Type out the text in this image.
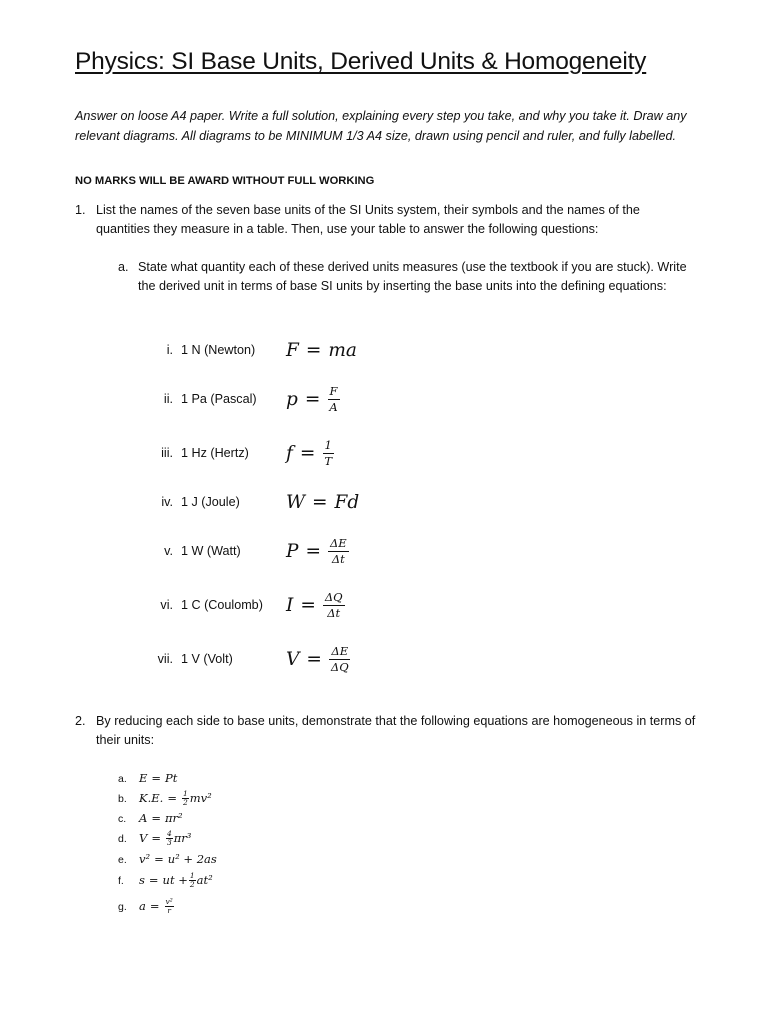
Physics: SI Base Units, Derived Units & Homogeneity
Answer on loose A4 paper. Write a full solution, explaining every step you take, and why you take it. Draw any relevant diagrams. All diagrams to be MINIMUM 1/3 A4 size, drawn using pencil and ruler, and fully labelled.
NO MARKS WILL BE AWARD WITHOUT FULL WORKING
1. List the names of the seven base units of the SI Units system, their symbols and the names of the quantities they measure in a table. Then, use your table to answer the following questions:
a. State what quantity each of these derived units measures (use the textbook if you are stuck). Write the derived unit in terms of base SI units by inserting the base units into the defining equations:
i. 1 N (Newton) F = ma
ii. 1 Pa (Pascal) $p = \frac{F}{A}$
iii. 1 Hz (Hertz) $f = \frac{1}{T}$
iv. 1 J (Joule) W = Fd
v. 1 W (Watt) $P = \frac{\Delta E}{\Delta t}$
vi. 1 C (Coulomb) $I = \frac{\Delta Q}{\Delta t}$
vii. 1 V (Volt)	$V = \frac{\Delta E}{\Delta Q}$
2. By reducing each side to base units, demonstrate that the following equations are homogeneous in terms of their units:
a. E = Pt
b. K.E. = $\frac{1}{2} mv^2$
c. A = πr²
d. $V = \frac{4}{3} \pi r^3$
e. v² = u² + 2as
f. s = ut + $\frac{1}{2} at^2$
g. $a = \frac{\text{v²}}{r}$
